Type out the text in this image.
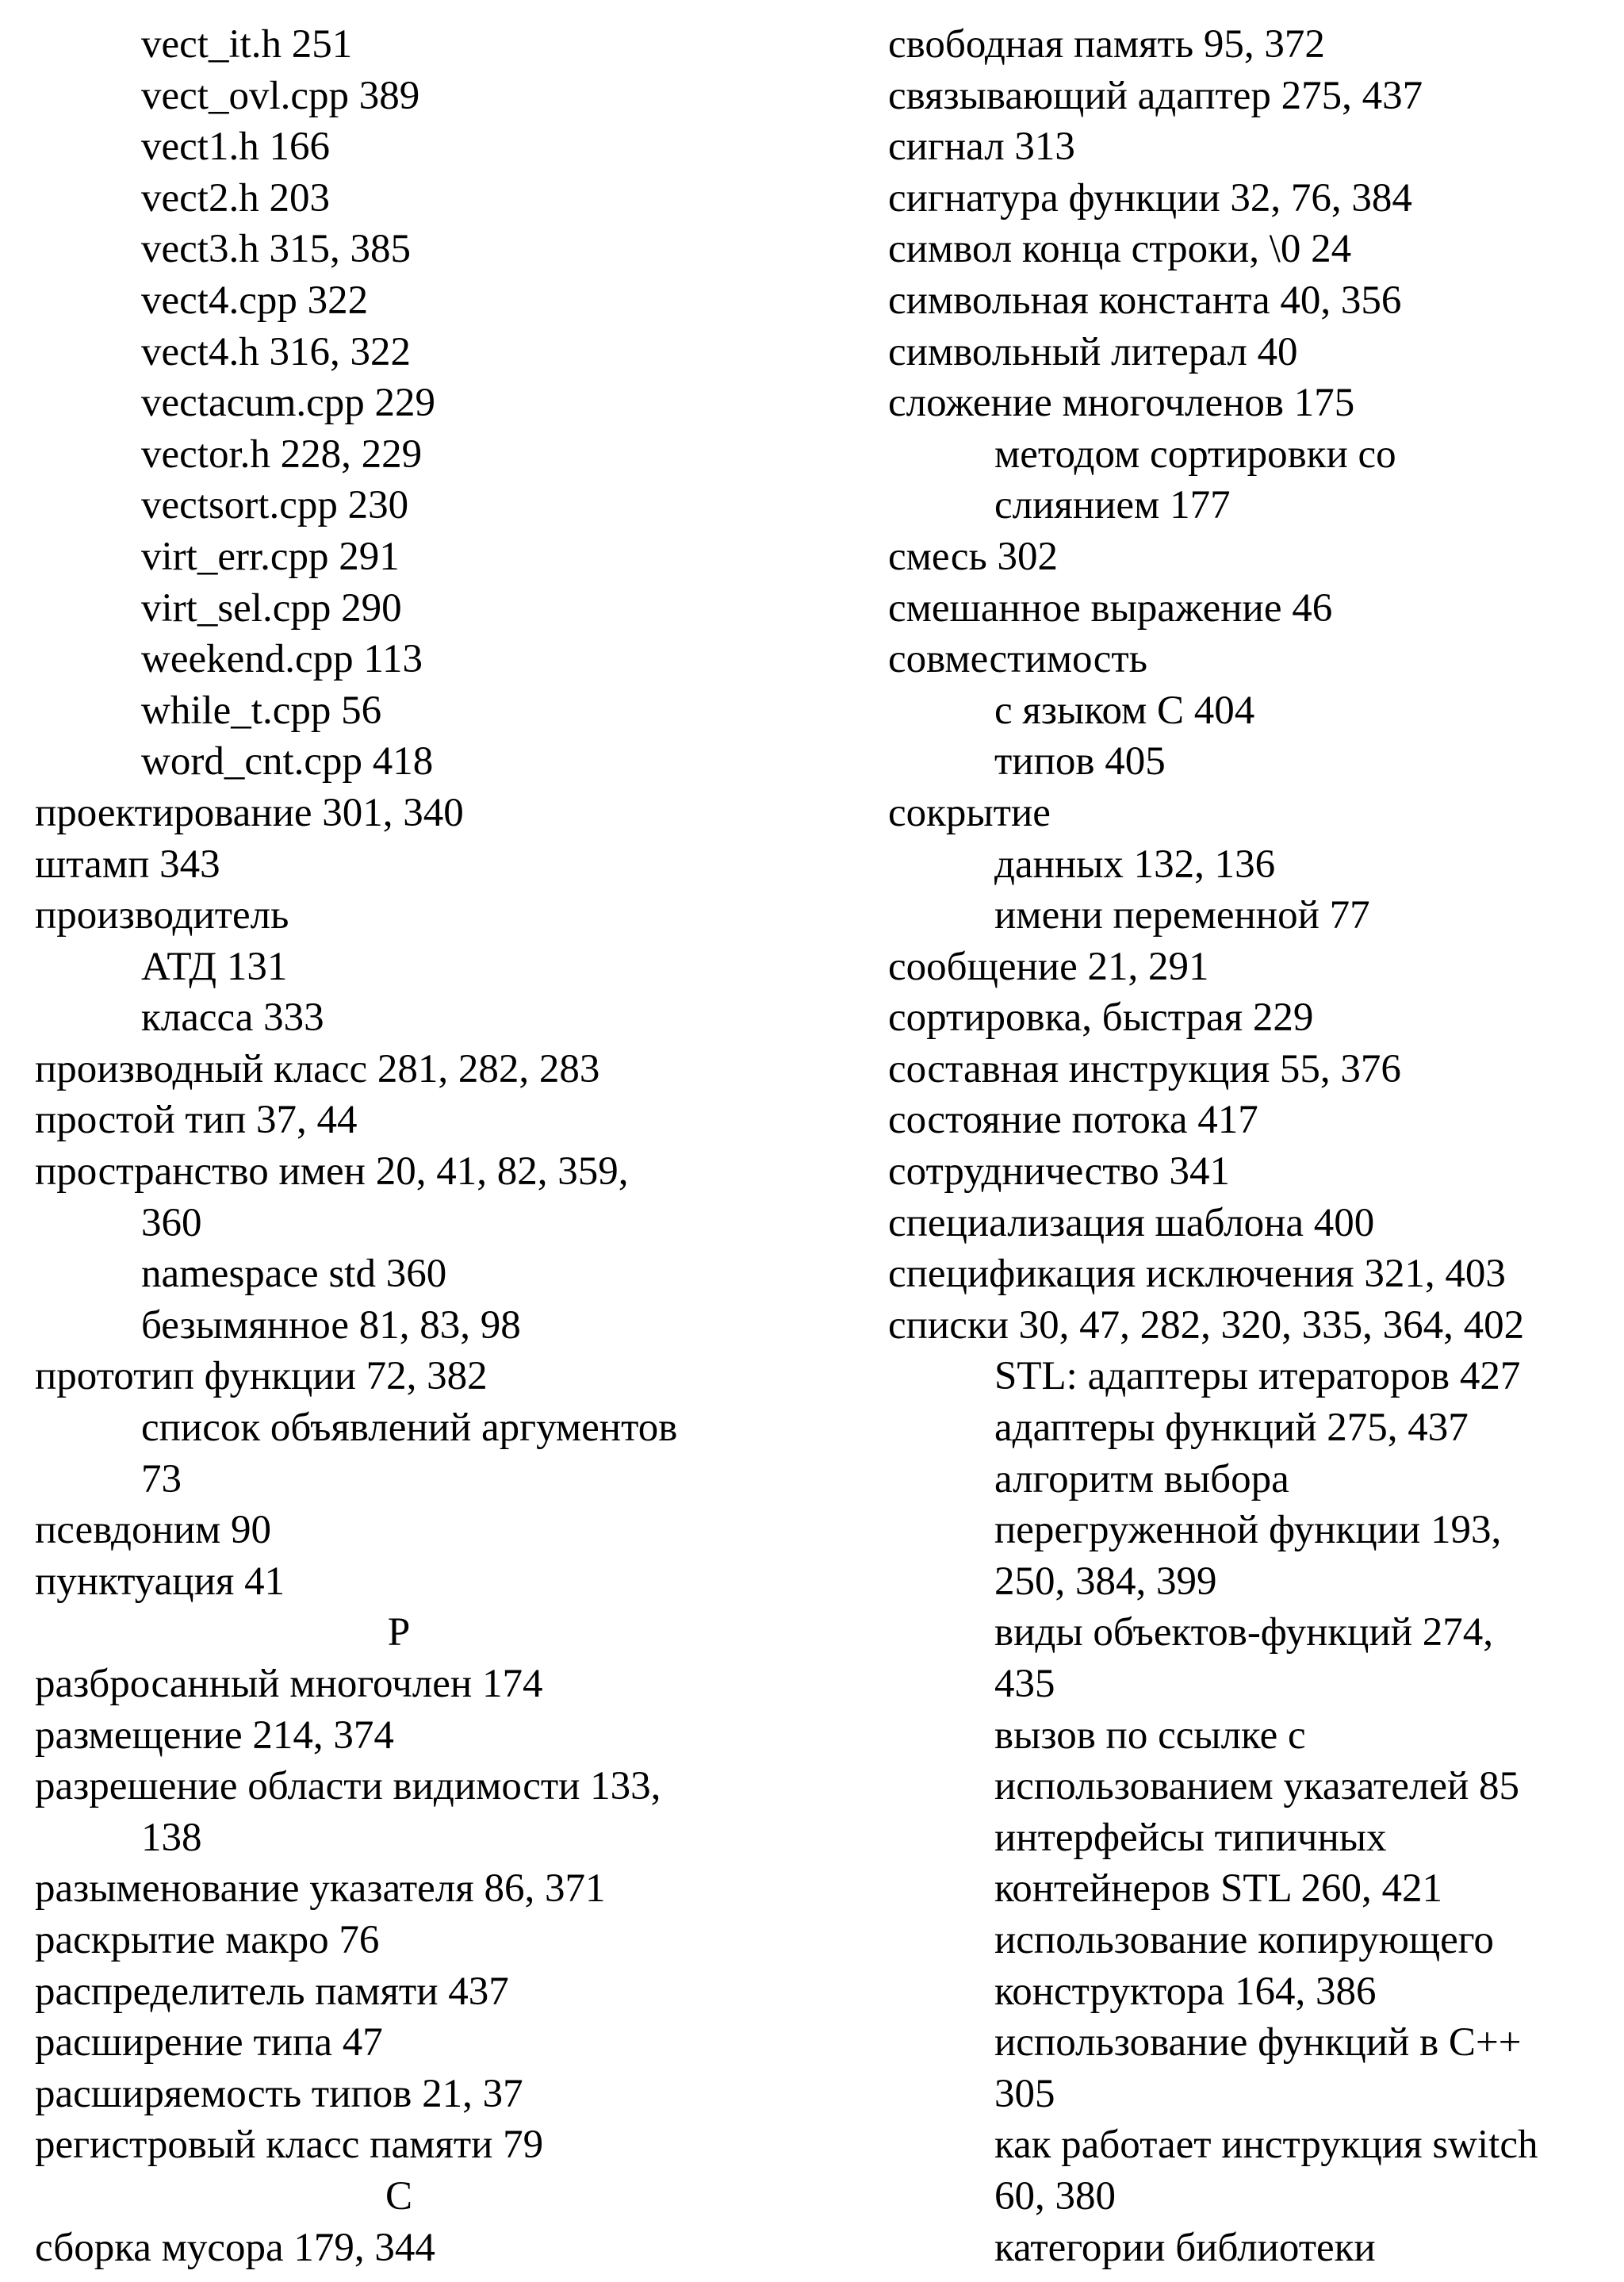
vect_it.h 251
vect_ovl.cpp 389
vect1.h 166
vect2.h 203
vect3.h 315, 385
vect4.cpp 322
vect4.h 316, 322
vectacum.cpp 229
vector.h 228, 229
vectsort.cpp 230
virt_err.cpp 291
virt_sel.cpp 290
weekend.cpp 113
while_t.cpp 56
word_cnt.cpp 418
проектирование 301, 340
штамп 343
производитель
АТД 131
класса 333
производный класс 281, 282, 283
простой тип 37, 44
пространство имен 20, 41, 82, 359,
360
namespace std 360
безымянное 81, 83, 98
прототип функции 72, 382
список объявлений аргументов
73
псевдоним 90
пунктуация 41
Р
разбросанный многочлен 174
размещение 214, 374
разрешение области видимости 133,
138
разыменование указателя 86, 371
раскрытие макро 76
распределитель памяти 437
расширение типа 47
расширяемость типов 21, 37
регистровый класс памяти 79
С
сборка мусора 179, 344
свободная память 95, 372
связывающий адаптер 275, 437
сигнал 313
сигнатура функции 32, 76, 384
символ конца строки, \0 24
символьная константа 40, 356
символьный литерал 40
сложение многочленов 175
методом сортировки со
слиянием 177
смесь 302
смешанное выражение 46
совместимость
с языком С 404
типов 405
сокрытие
данных 132, 136
имени переменной 77
сообщение 21, 291
сортировка, быстрая 229
составная инструкция 55, 376
состояние потока 417
сотрудничество 341
специализация шаблона 400
спецификация исключения 321, 403
списки 30, 47, 282, 320, 335, 364, 402
STL: адаптеры итераторов 427
адаптеры функций 275, 437
алгоритм выбора
перегруженной функции 193,
250, 384, 399
виды объектов-функций 274,
435
вызов по ссылке с
использованием указателей 85
интерфейсы типичных
контейнеров STL 260, 421
использование копирующего
конструктора 164, 386
использование функций в C++
305
как работает инструкция switch
60, 380
категории библиотеки
